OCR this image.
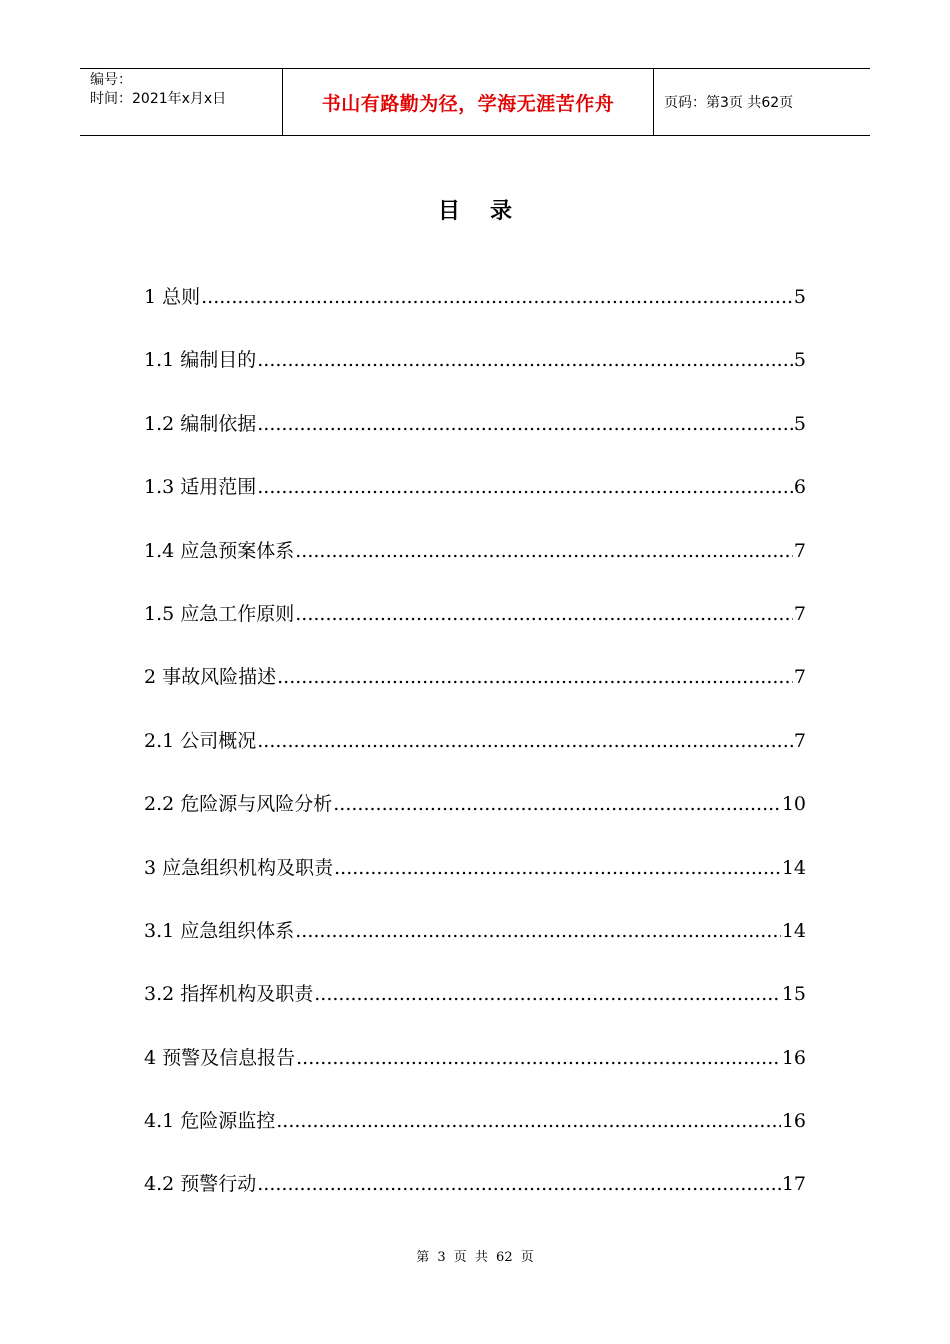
编号：
时间：2021年x月x日	书山有路勤为径，学海无涯苦作舟	页码：第3页 共62页
目录
1 总则 .....	5
1.1 编制目的 .....	5
1.2 编制依据 .....	5
1.3 适用范围 .....	6
1.4 应急预案体系 .....	7
1.5 应急工作原则 .....	7
2 事故风险描述 .....	7
2.1 公司概况 .....	7
2.2 危险源与风险分析 .....	10
3 应急组织机构及职责 .....	14
3.1 应急组织体系 .....	14
3.2 指挥机构及职责 .....	15
4 预警及信息报告 .....	16
4.1 危险源监控 .....	16
4.2 预警行动 .....	17
第 3 页 共 62 页
